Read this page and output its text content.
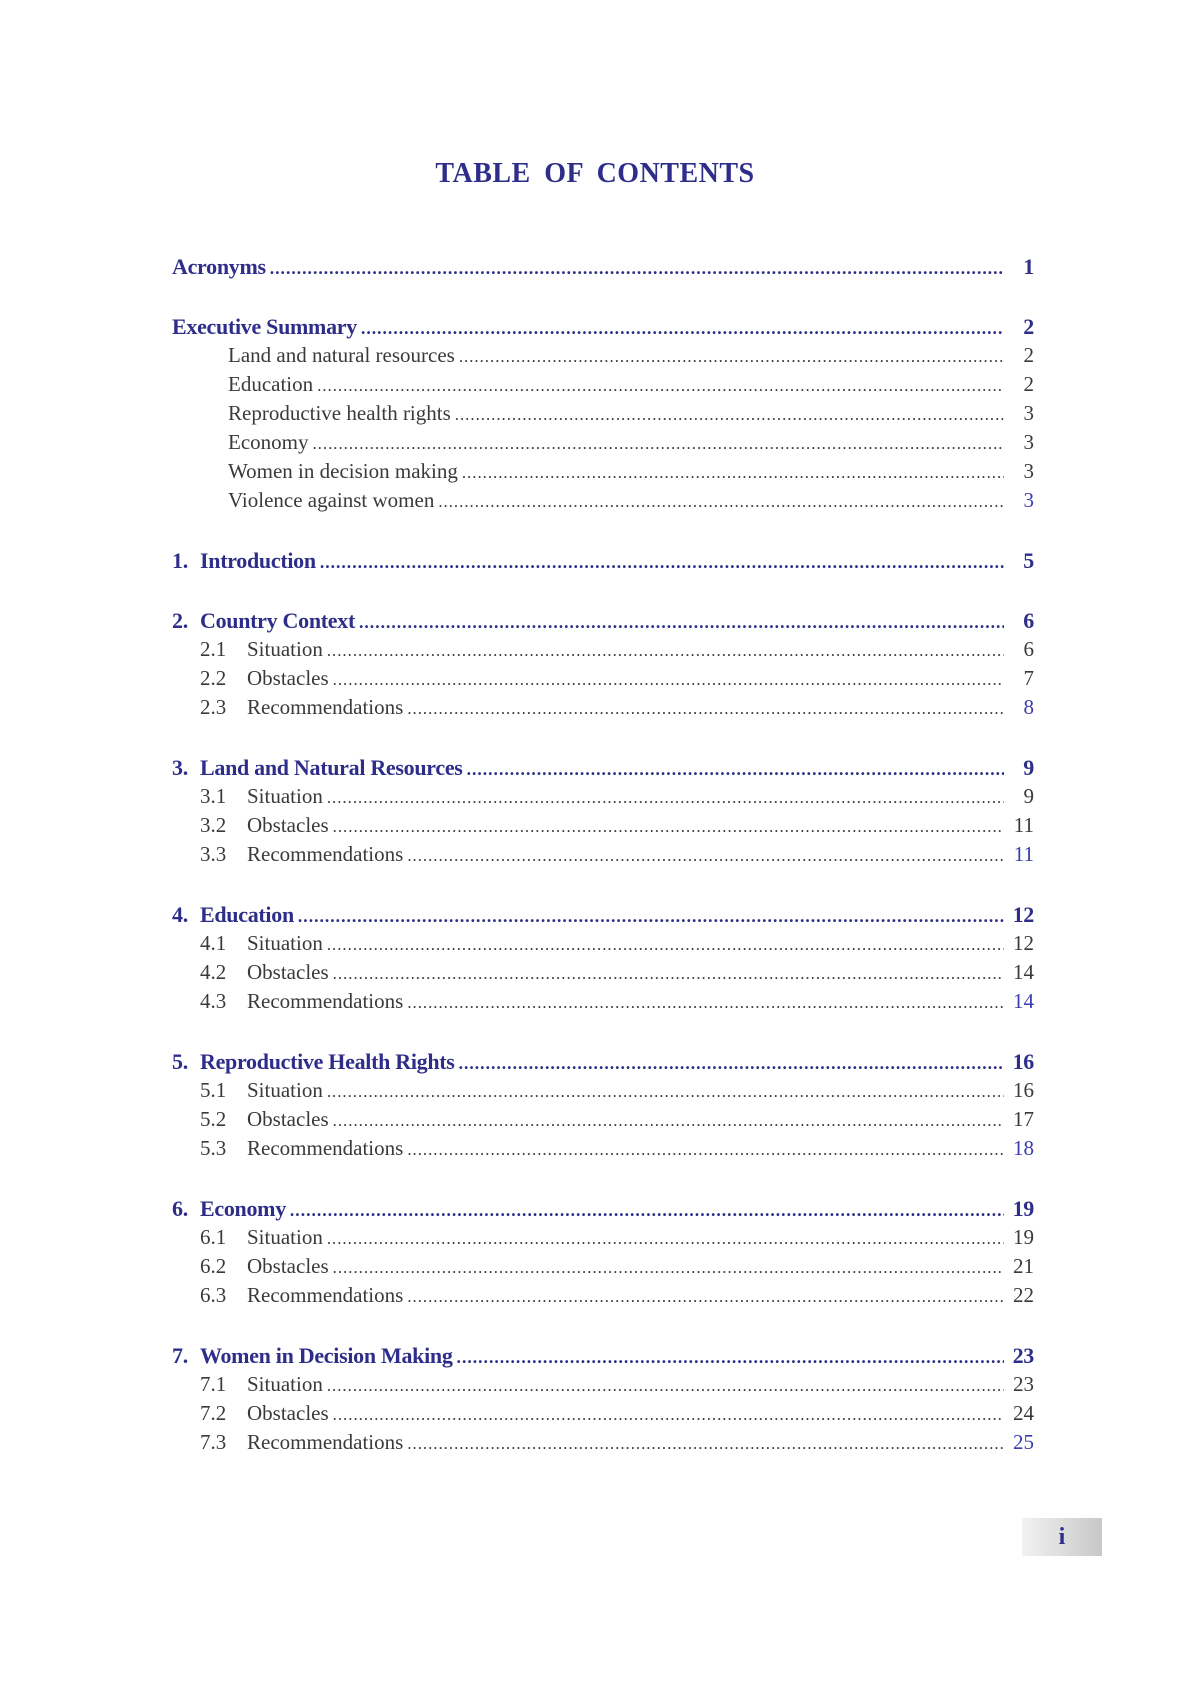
TABLE OF CONTENTS
Acronyms .....	1
Executive Summary .....	2
Land and natural resources .....	2
Education .....	2
Reproductive health rights .....	3
Economy .....	3
Women in decision making .....	3
Violence against women .....	3
1. Introduction .....	5
2. Country Context .....	6
2.1 Situation .....	6
2.2 Obstacles .....	7
2.3 Recommendations .....	8
3. Land and Natural Resources .....	9
3.1 Situation .....	9
3.2 Obstacles .....	11
3.3 Recommendations .....	11
4. Education .....	12
4.1 Situation .....	12
4.2 Obstacles .....	14
4.3 Recommendations .....	14
5. Reproductive Health Rights .....	16
5.1 Situation .....	16
5.2 Obstacles .....	17
5.3 Recommendations .....	18
6. Economy .....	19
6.1 Situation .....	19
6.2 Obstacles .....	21
6.3 Recommendations .....	22
7. Women in Decision Making .....	23
7.1 Situation .....	23
7.2 Obstacles .....	24
7.3 Recommendations .....	25
i
